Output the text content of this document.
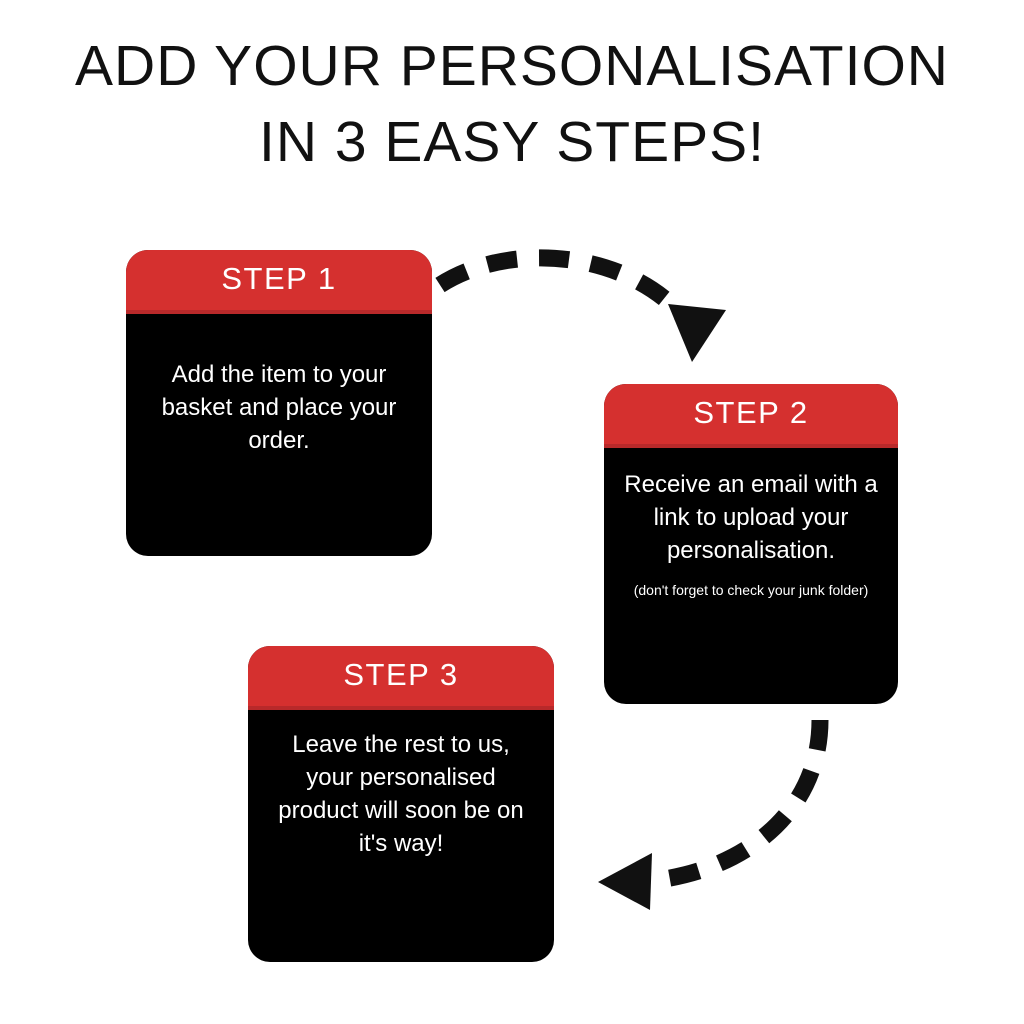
ADD YOUR PERSONALISATION
IN 3 EASY STEPS!
STEP 1
Add the item to your basket and place your order.
STEP 2
Receive an email with a link to upload your personalisation.
(don't forget to check your junk folder)
STEP 3
Leave the rest to us, your personalised product will soon be on it's way!
